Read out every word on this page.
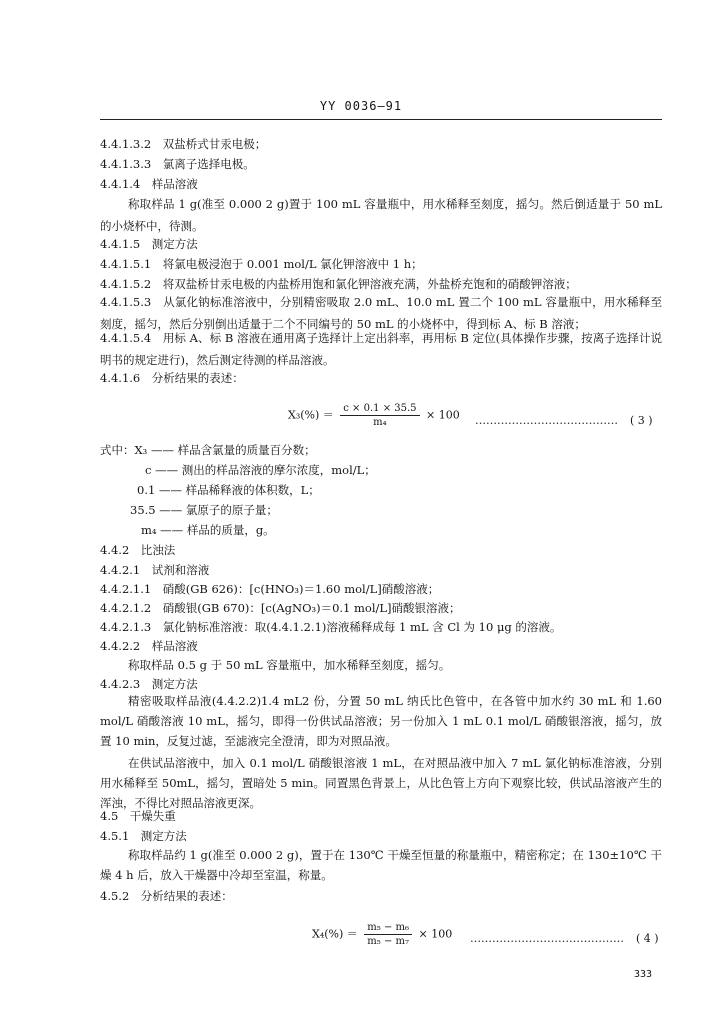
YY 0036—91
4.4.1.3.2　双盐桥式甘汞电极；
4.4.1.3.3　氯离子选择电极。
4.4.1.4　样品溶液
称取样品 1 g(准至 0.000 2 g)置于 100 mL 容量瓶中，用水稀释至刻度，摇匀。然后倒适量于 50 mL 的小烧杯中，待测。
4.4.1.5　测定方法
4.4.1.5.1　将氯电极浸泡于 0.001 mol/L 氯化钾溶液中 1 h；
4.4.1.5.2　将双盐桥甘汞电极的内盐桥用饱和氯化钾溶液充满，外盐桥充饱和的硝酸钾溶液；
4.4.1.5.3　从氯化钠标准溶液中，分别精密吸取 2.0 mL、10.0 mL 置二个 100 mL 容量瓶中，用水稀释至刻度，摇匀，然后分别倒出适量于二个不同编号的 50 mL 的小烧杯中，得到标 A、标 B 溶液；
4.4.1.5.4　用标 A、标 B 溶液在通用离子选择计上定出斜率，再用标 B 定位(具体操作步骤，按离子选择计说明书的规定进行)，然后测定待测的样品溶液。
4.4.1.6　分析结果的表述：
$X_3(\%) = \frac{c \times 0.1 \times 35.5}{\text{m₄}} \times 100$ ………………………………… ( 3 )
式中：X₃ —— 样品含氯量的质量百分数；
c —— 测出的样品溶液的摩尔浓度，mol/L；
0.1 —— 样品稀释液的体积数，L；
35.5 —— 氯原子的原子量；
m₄ —— 样品的质量，g。
4.4.2　比浊法
4.4.2.1　试剂和溶液
4.4.2.1.1　硝酸(GB 626)：[c(HNO₃)＝1.60 mol/L]硝酸溶液；
4.4.2.1.2　硝酸银(GB 670)：[c(AgNO₃)＝0.1 mol/L]硝酸银溶液；
4.4.2.1.3　氯化钠标准溶液：取(4.4.1.2.1)溶液稀释成每 1 mL 含 Cl 为 10 μg 的溶液。
4.4.2.2　样品溶液
称取样品 0.5 g 于 50 mL 容量瓶中，加水稀释至刻度，摇匀。
4.4.2.3　测定方法
精密吸取样品液(4.4.2.2)1.4 mL2 份，分置 50 mL 纳氏比色管中，在各管中加水约 30 mL 和 1.60 mol/L 硝酸溶液 10 mL，摇匀，即得一份供试品溶液；另一份加入 1 mL 0.1 mol/L 硝酸银溶液，摇匀，放置 10 min，反复过滤，至滤液完全澄清，即为对照品液。
在供试品溶液中，加入 0.1 mol/L 硝酸银溶液 1 mL，在对照品液中加入 7 mL 氯化钠标准溶液，分别用水稀释至 50mL，摇匀，置暗处 5 min。同置黑色背景上，从比色管上方向下观察比较，供试品溶液产生的浑浊，不得比对照品溶液更深。
4.5　干燥失重
4.5.1　测定方法
称取样品约 1 g(准至 0.000 2 g)，置于在 130℃ 干燥至恒量的称量瓶中，精密称定；在 130±10℃ 干燥 4 h 后，放入干燥器中冷却至室温，称量。
4.5.2　分析结果的表述：
$X_4(\%) = \frac{\text{m₅ − m₆}}{\text{m₅ − m₇}} \times 100$ …………………………………… ( 4 )
333
